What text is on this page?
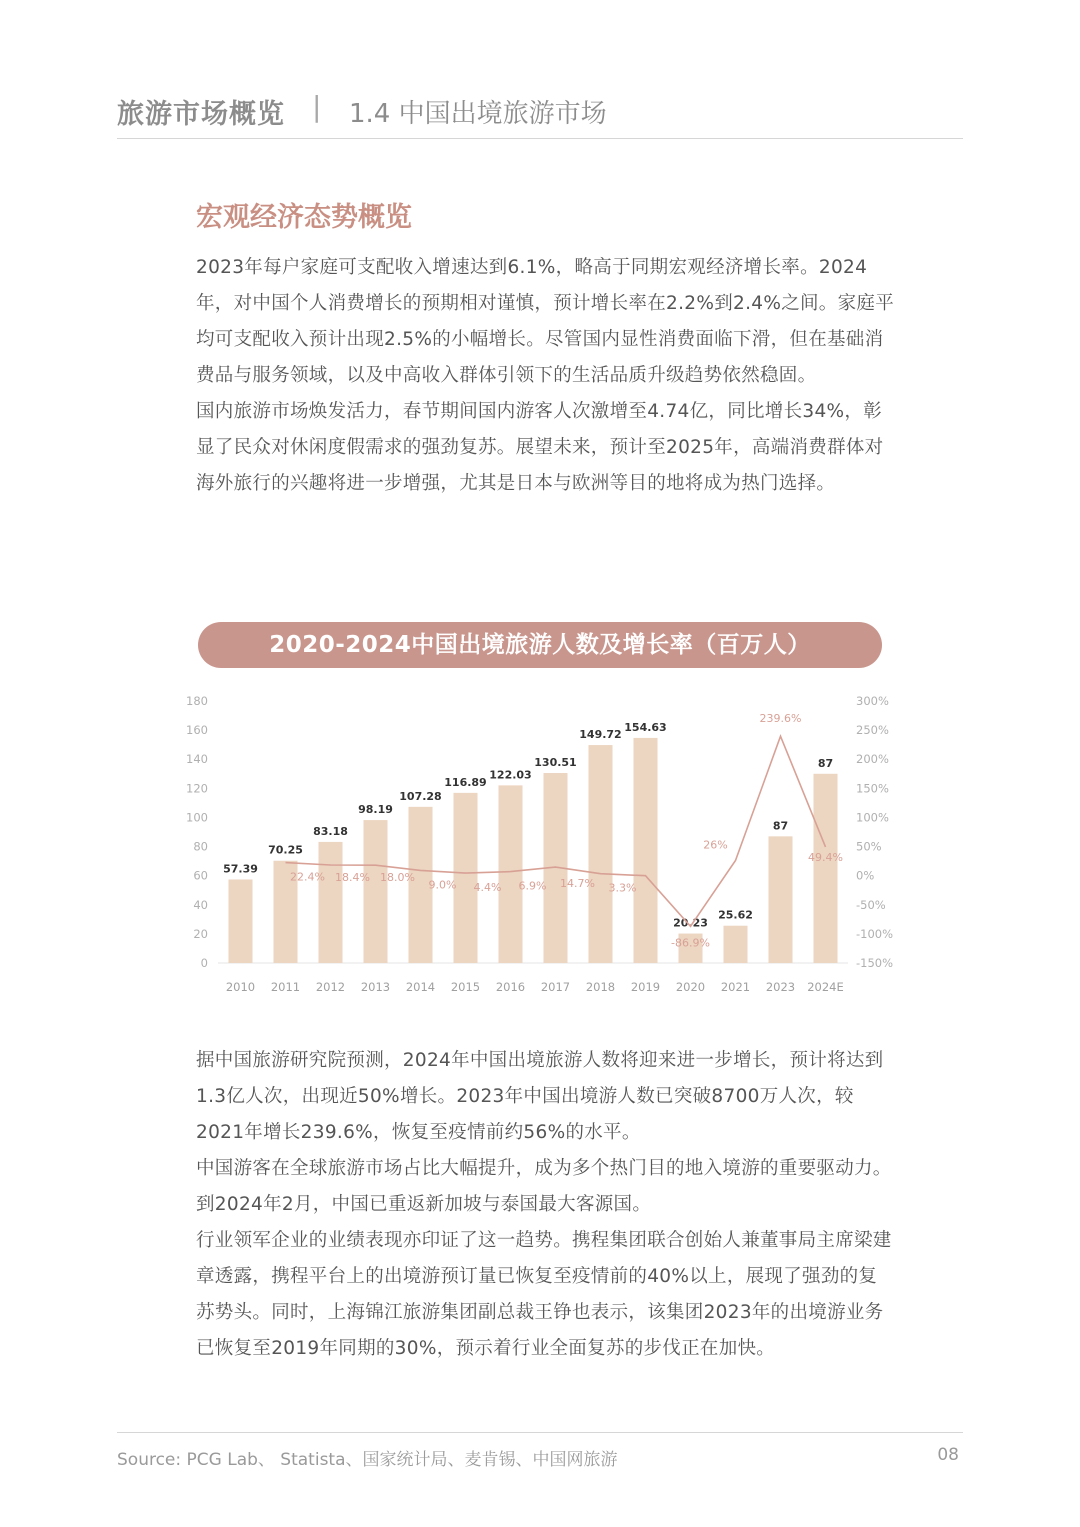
旅游市场概览 | 1.4 中国出境旅游市场
宏观经济态势概览

2023年每户家庭可支配收入增速达到6.1%，略高于同期宏观经济增长率。2024年，对中国个人消费增长的预期相对谨慎，预计增长率在2.2%到2.4%之间。家庭平均可支配收入预计出现2.5%的小幅增长。尽管国内显性消费面临下滑，但在基础消费品与服务领域，以及中高收入群体引领下的生活品质升级趋势依然稳固。

国内旅游市场焕发活力，春节期间国内游客人次激增至4.74亿，同比增长34%，彰显了民众对休闲度假需求的强劲复苏。展望未来，预计至2025年，高端消费群体对海外旅行的兴趣将进一步增强，尤其是日本与欧洲等目的地将成为热门选择。

2020-2024中国出境旅游人数及增长率（百万人）
0
20
40
60
80
100
120
140
160
180
-150%
-100%
-50%
0%
50%
100%
150%
200%
250%
300%
57.39
70.25
83.18
98.19
107.28
116.89
122.03
130.51
149.72
154.63
20.23
25.62
87
87
2010 2011 2012 2013 2014 2015 2016 2017 2018 2019 2020 2021 2023 2024E
22.4% 18.4% 18.0%
9.0% 4.4% 6.9% 14.7% 3.3%
-86.9%
26%
239.6%
49.4%

据中国旅游研究院预测，2024年中国出境旅游人数将迎来进一步增长，预计将达到1.3亿人次，出现近50%增长。2023年中国出境游人数已突破8700万人次，较2021年增长239.6%，恢复至疫情前约56%的水平。

中国游客在全球旅游市场占比大幅提升，成为多个热门目的地入境游的重要驱动力。到2024年2月，中国已重返新加坡与泰国最大客源国。

行业领军企业的业绩表现亦印证了这一趋势。携程集团联合创始人兼董事局主席梁建章透露，携程平台上的出境游预订量已恢复至疫情前的40%以上，展现了强劲的复苏势头。同时，上海锦江旅游集团副总裁王铮也表示，该集团2023年的出境游业务已恢复至2019年同期的30%，预示着行业全面复苏的步伐正在加快。

Source: PCG Lab、 Statista、国家统计局、麦肯锡、中国网旅游	08
